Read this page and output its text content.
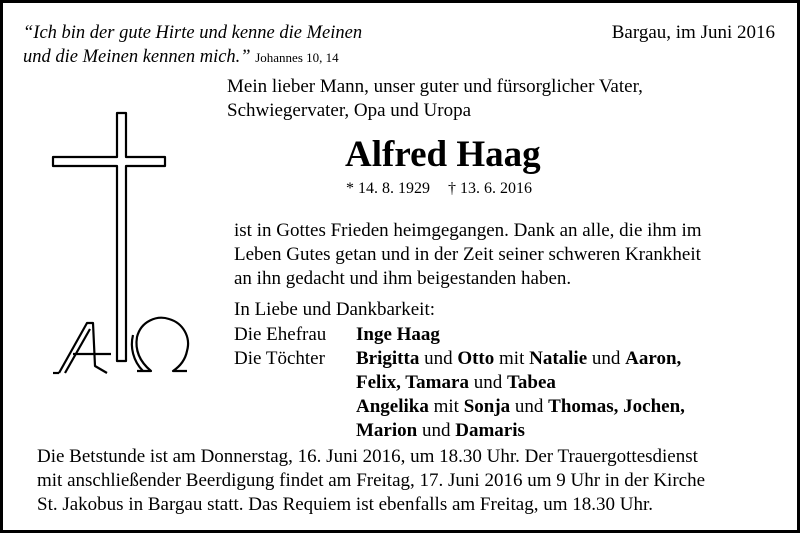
“Ich bin der gute Hirte und kenne die Meinen
und die Meinen kennen mich.” Johannes 10, 14
Bargau, im Juni 2016
Mein lieber Mann, unser guter und fürsorglicher Vater,
Schwiegervater, Opa und Uropa
Alfred Haag
* 14. 8. 1929 † 13. 6. 2016
ist in Gottes Frieden heimgegangen. Dank an alle, die ihm im
Leben Gutes getan und in der Zeit seiner schweren Krankheit
an ihn gedacht und ihm beigestanden haben.
In Liebe und Dankbarkeit:
Die Ehefrau	Inge Haag
Die Töchter	Brigitta und Otto mit Natalie und Aaron,
Felix, Tamara und Tabea
Angelika mit Sonja und Thomas, Jochen,
Marion und Damaris
Die Betstunde ist am Donnerstag, 16. Juni 2016, um 18.30 Uhr. Der Trauergottesdienst
mit anschließender Beerdigung findet am Freitag, 17. Juni 2016 um 9 Uhr in der Kirche
St. Jakobus in Bargau statt. Das Requiem ist ebenfalls am Freitag, um 18.30 Uhr.
